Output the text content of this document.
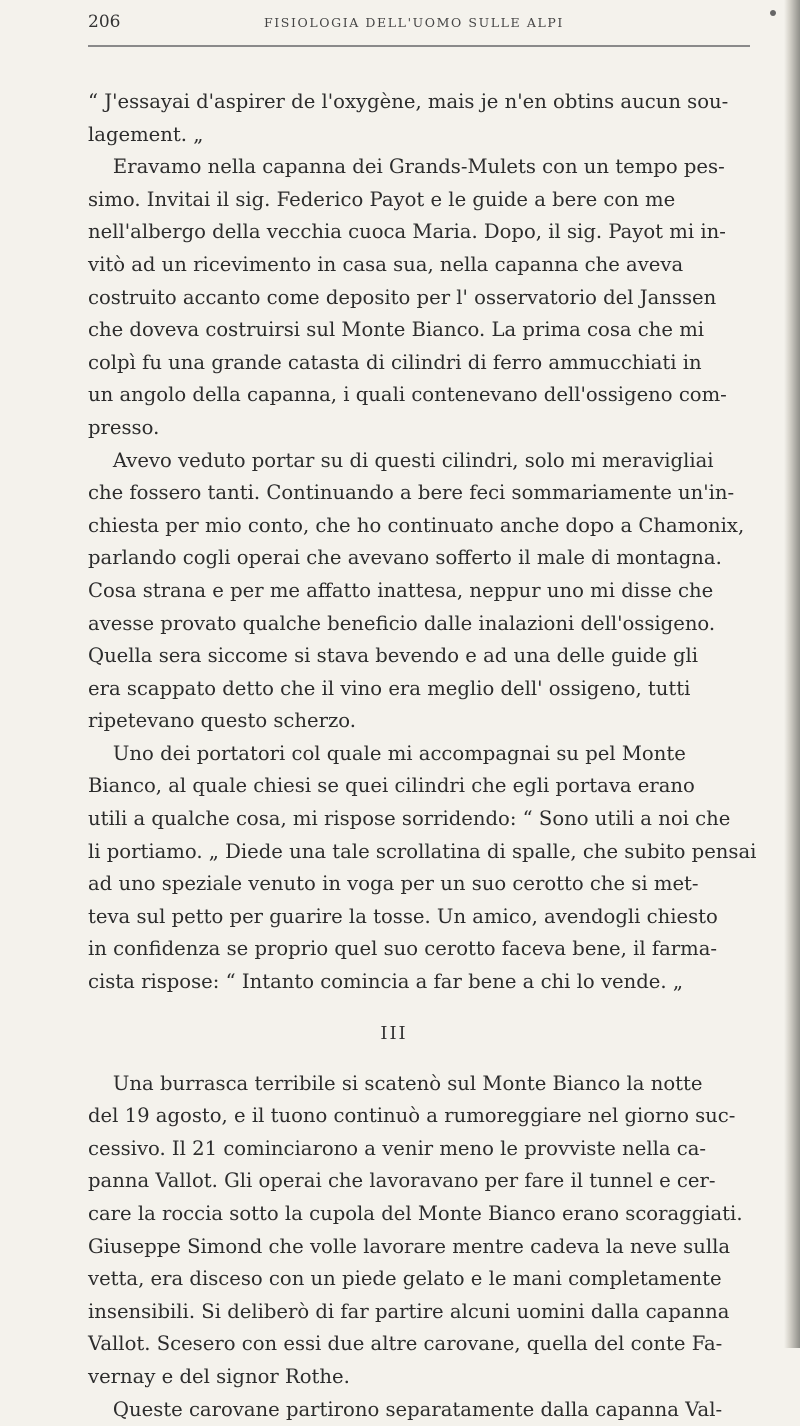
206	FISIOLOGIA DELL'UOMO SULLE ALPI
“ J'essayai d'aspirer de l'oxygène, mais je n'en obtins aucun sou-
lagement. „
Eravamo nella capanna dei Grands-Mulets con un tempo pes-
simo. Invitai il sig. Federico Payot e le guide a bere con me
nell'albergo della vecchia cuoca Maria. Dopo, il sig. Payot mi in-
vitò ad un ricevimento in casa sua, nella capanna che aveva
costruito accanto come deposito per l' osservatorio del Janssen
che doveva costruirsi sul Monte Bianco. La prima cosa che mi
colpì fu una grande catasta di cilindri di ferro ammucchiati in
un angolo della capanna, i quali contenevano dell'ossigeno com-
presso.
Avevo veduto portar su di questi cilindri, solo mi meravigliai
che fossero tanti. Continuando a bere feci sommariamente un'in-
chiesta per mio conto, che ho continuato anche dopo a Chamonix,
parlando cogli operai che avevano sofferto il male di montagna.
Cosa strana e per me affatto inattesa, neppur uno mi disse che
avesse provato qualche beneficio dalle inalazioni dell'ossigeno.
Quella sera siccome si stava bevendo e ad una delle guide gli
era scappato detto che il vino era meglio dell' ossigeno, tutti
ripetevano questo scherzo.
Uno dei portatori col quale mi accompagnai su pel Monte
Bianco, al quale chiesi se quei cilindri che egli portava erano
utili a qualche cosa, mi rispose sorridendo: “ Sono utili a noi che
li portiamo. „ Diede una tale scrollatina di spalle, che subito pensai
ad uno speziale venuto in voga per un suo cerotto che si met-
teva sul petto per guarire la tosse. Un amico, avendogli chiesto
in confidenza se proprio quel suo cerotto faceva bene, il farma-
cista rispose: “ Intanto comincia a far bene a chi lo vende. „
III
Una burrasca terribile si scatenò sul Monte Bianco la notte
del 19 agosto, e il tuono continuò a rumoreggiare nel giorno suc-
cessivo. Il 21 cominciarono a venir meno le provviste nella ca-
panna Vallot. Gli operai che lavoravano per fare il tunnel e cer-
care la roccia sotto la cupola del Monte Bianco erano scoraggiati.
Giuseppe Simond che volle lavorare mentre cadeva la neve sulla
vetta, era disceso con un piede gelato e le mani completamente
insensibili. Si deliberò di far partire alcuni uomini dalla capanna
Vallot. Scesero con essi due altre carovane, quella del conte Fa-
vernay e del signor Rothe.
Queste carovane partirono separatamente dalla capanna Val-
